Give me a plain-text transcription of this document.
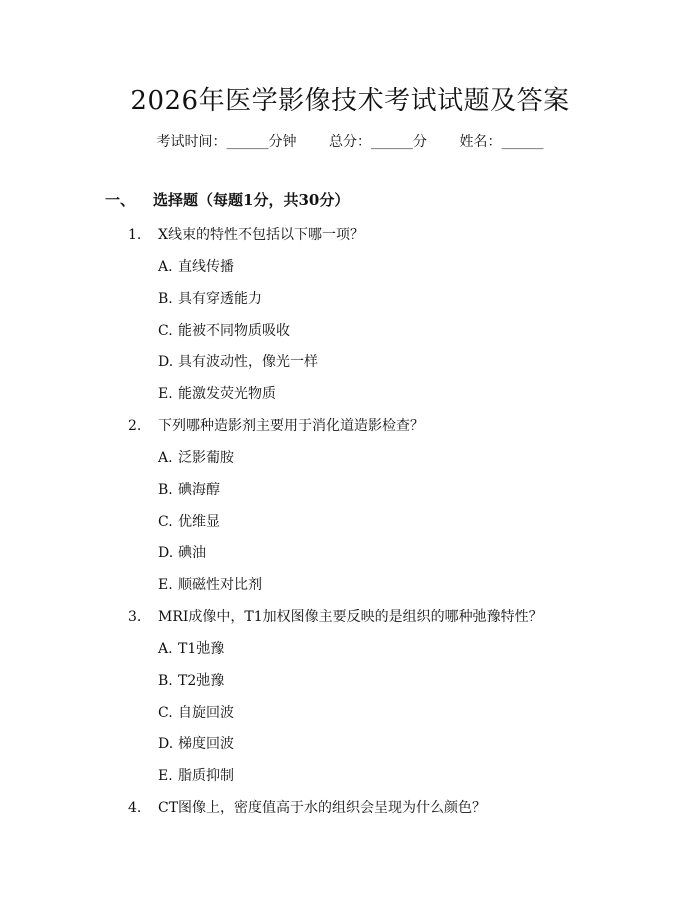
2026年医学影像技术考试试题及答案
考试时间：______分钟 总分：______分 姓名：______
一、 选择题（每题1分，共30分）
1. X线束的特性不包括以下哪一项？
A. 直线传播
B. 具有穿透能力
C. 能被不同物质吸收
D. 具有波动性，像光一样
E. 能激发荧光物质
2. 下列哪种造影剂主要用于消化道造影检查？
A. 泛影葡胺
B. 碘海醇
C. 优维显
D. 碘油
E. 顺磁性对比剂
3. MRI成像中，T1加权图像主要反映的是组织的哪种弛豫特性？
A. T1弛豫
B. T2弛豫
C. 自旋回波
D. 梯度回波
E. 脂质抑制
4. CT图像上，密度值高于水的组织会呈现为什么颜色？
